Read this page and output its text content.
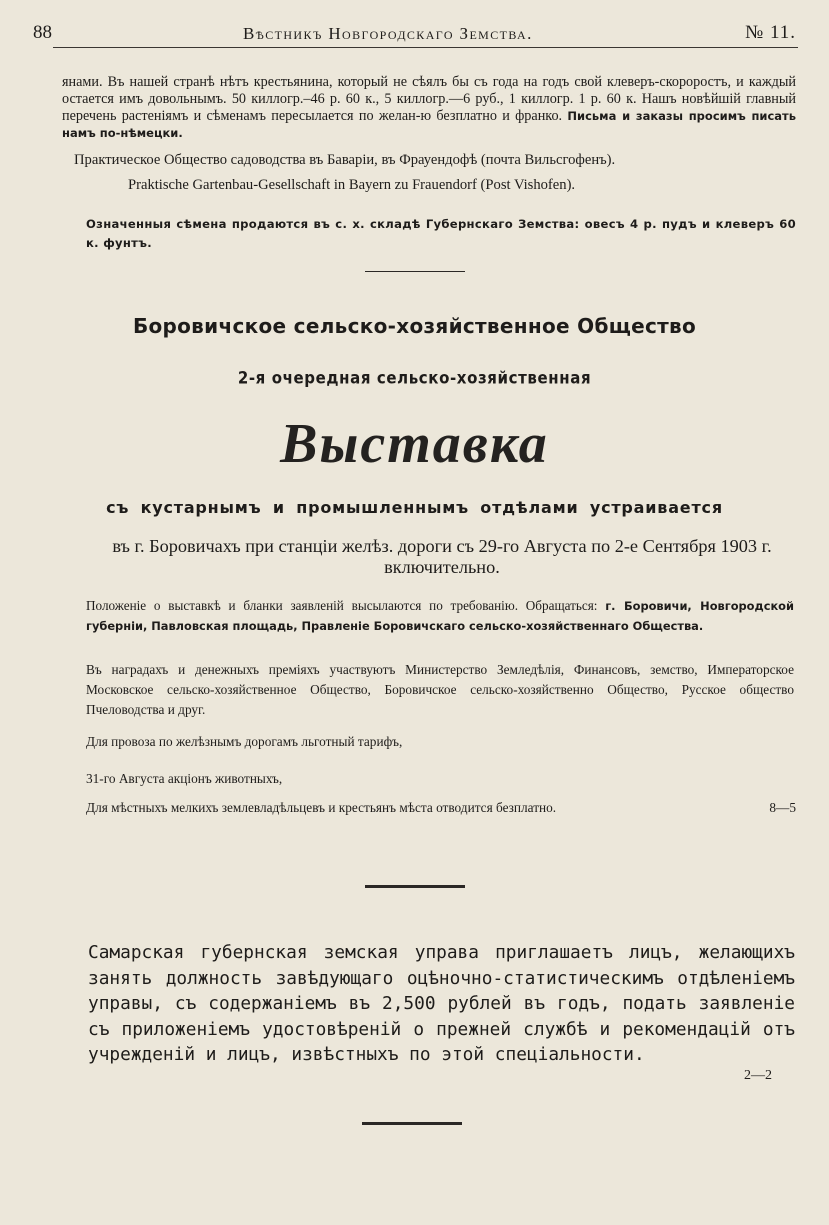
88	Вѣстникъ Новгородскаго Земства.	№ 11.
янами. Въ нашей странѣ нѣтъ крестьянина, который не сѣялъ бы съ года на годъ свой клеверъ-скороростъ, и каждый остается имъ довольнымъ. 50 киллогр.–46 р. 60 к., 5 киллогр.—6 руб., 1 киллогр. 1 р. 60 к. Нашъ новѣйшій главный перечень растеніямъ и сѣменамъ пересылается по желан-ю безплатно и франко. Письма и заказы просимъ писать намъ по-нѣмецки.
Практическое Общество садоводства въ Баваріи, въ Фрауендофѣ (почта Вильсгофенъ).
Praktische Gartenbau-Gesellschaft in Bayern zu Frauendorf (Post Vishofen).
Означенныя сѣмена продаются въ с. х. складѣ Губернскаго Земства: овесъ 4 р. пудъ и клеверъ 60 к. фунтъ.
Боровичское сельско-хозяйственное Общество
2-я очередная сельско-хозяйственная
Выставка
съ кустарнымъ и промышленнымъ отдѣлами устраивается
въ г. Боровичахъ при станціи желѣз. дороги съ 29-го Августа по 2-е Сентября 1903 г. включительно.
Положеніе о выставкѣ и бланки заявленій высылаются по требованію. Обращаться: г. Боровичи, Новгородской губерніи, Павловская площадь, Правленіе Боровичскаго сельско-хозяйственнаго Общества.
Въ наградахъ и денежныхъ преміяхъ участвуютъ Министерство Земледѣлія, Финансовъ, земство, Императорское Московское сельско-хозяйственное Общество, Боровичское сельско-хозяйственно Общество, Русское общество Пчеловодства и друг.
Для провоза по желѣзнымъ дорогамъ льготный тарифъ,
31-го Августа акціонъ животныхъ,
Для мѣстныхъ мелкихъ землевладѣльцевъ и крестьянъ мѣста отводится безплатно.	8—5
Самарская губернская земская управа приглашаетъ лицъ, желающихъ занять должность завѣдующаго оцѣночно-статистическимъ отдѣленіемъ управы, съ содержаніемъ въ 2,500 рублей въ годъ, подать заявленіе съ приложеніемъ удостовѣреній о прежней службѣ и рекомендацій отъ учрежденій и лицъ, извѣстныхъ по этой спеціальности.
2—2
